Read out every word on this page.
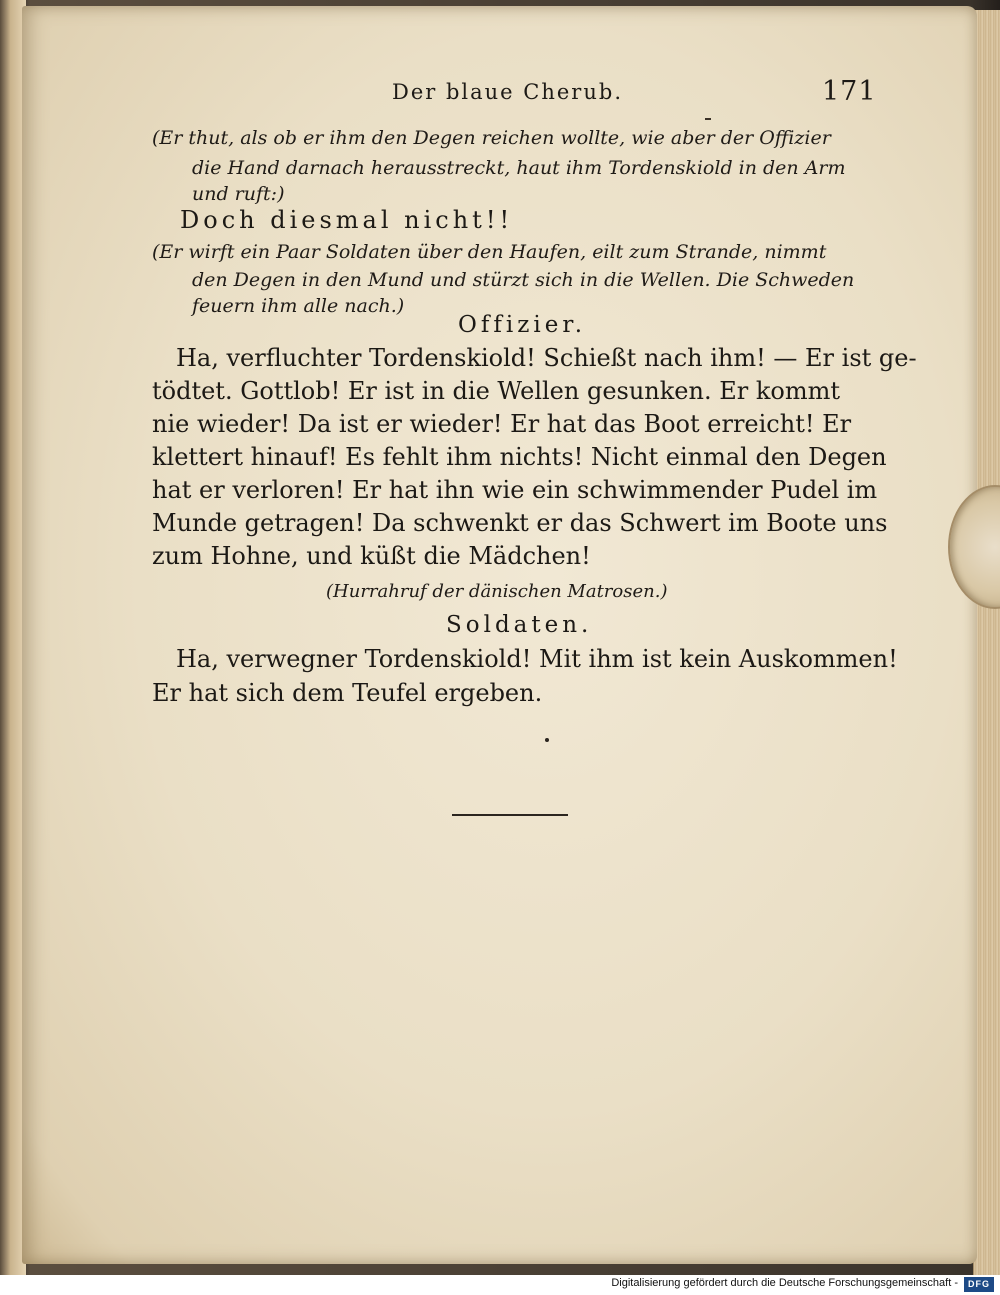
Der blaue Cherub.	171
(Er thut, als ob er ihm den Degen reichen wollte, wie aber der Offizier
die Hand darnach herausstreckt, haut ihm Tordenskiold in den Arm
und ruft:)
Doch diesmal nicht!!
(Er wirft ein Paar Soldaten über den Haufen, eilt zum Strande, nimmt
den Degen in den Mund und stürzt sich in die Wellen. Die Schweden
feuern ihm alle nach.)
Offizier.
Ha, verfluchter Tordenskiold! Schießt nach ihm! — Er ist ge-
tödtet. Gottlob! Er ist in die Wellen gesunken. Er kommt
nie wieder! Da ist er wieder! Er hat das Boot erreicht! Er
klettert hinauf! Es fehlt ihm nichts! Nicht einmal den Degen
hat er verloren! Er hat ihn wie ein schwimmender Pudel im
Munde getragen! Da schwenkt er das Schwert im Boote uns
zum Hohne, und küßt die Mädchen!
(Hurrahruf der dänischen Matrosen.)
Soldaten.
Ha, verwegner Tordenskiold! Mit ihm ist kein Auskommen!
Er hat sich dem Teufel ergeben.
Digitalisierung gefördert durch die Deutsche Forschungsgemeinschaft -	DFG
